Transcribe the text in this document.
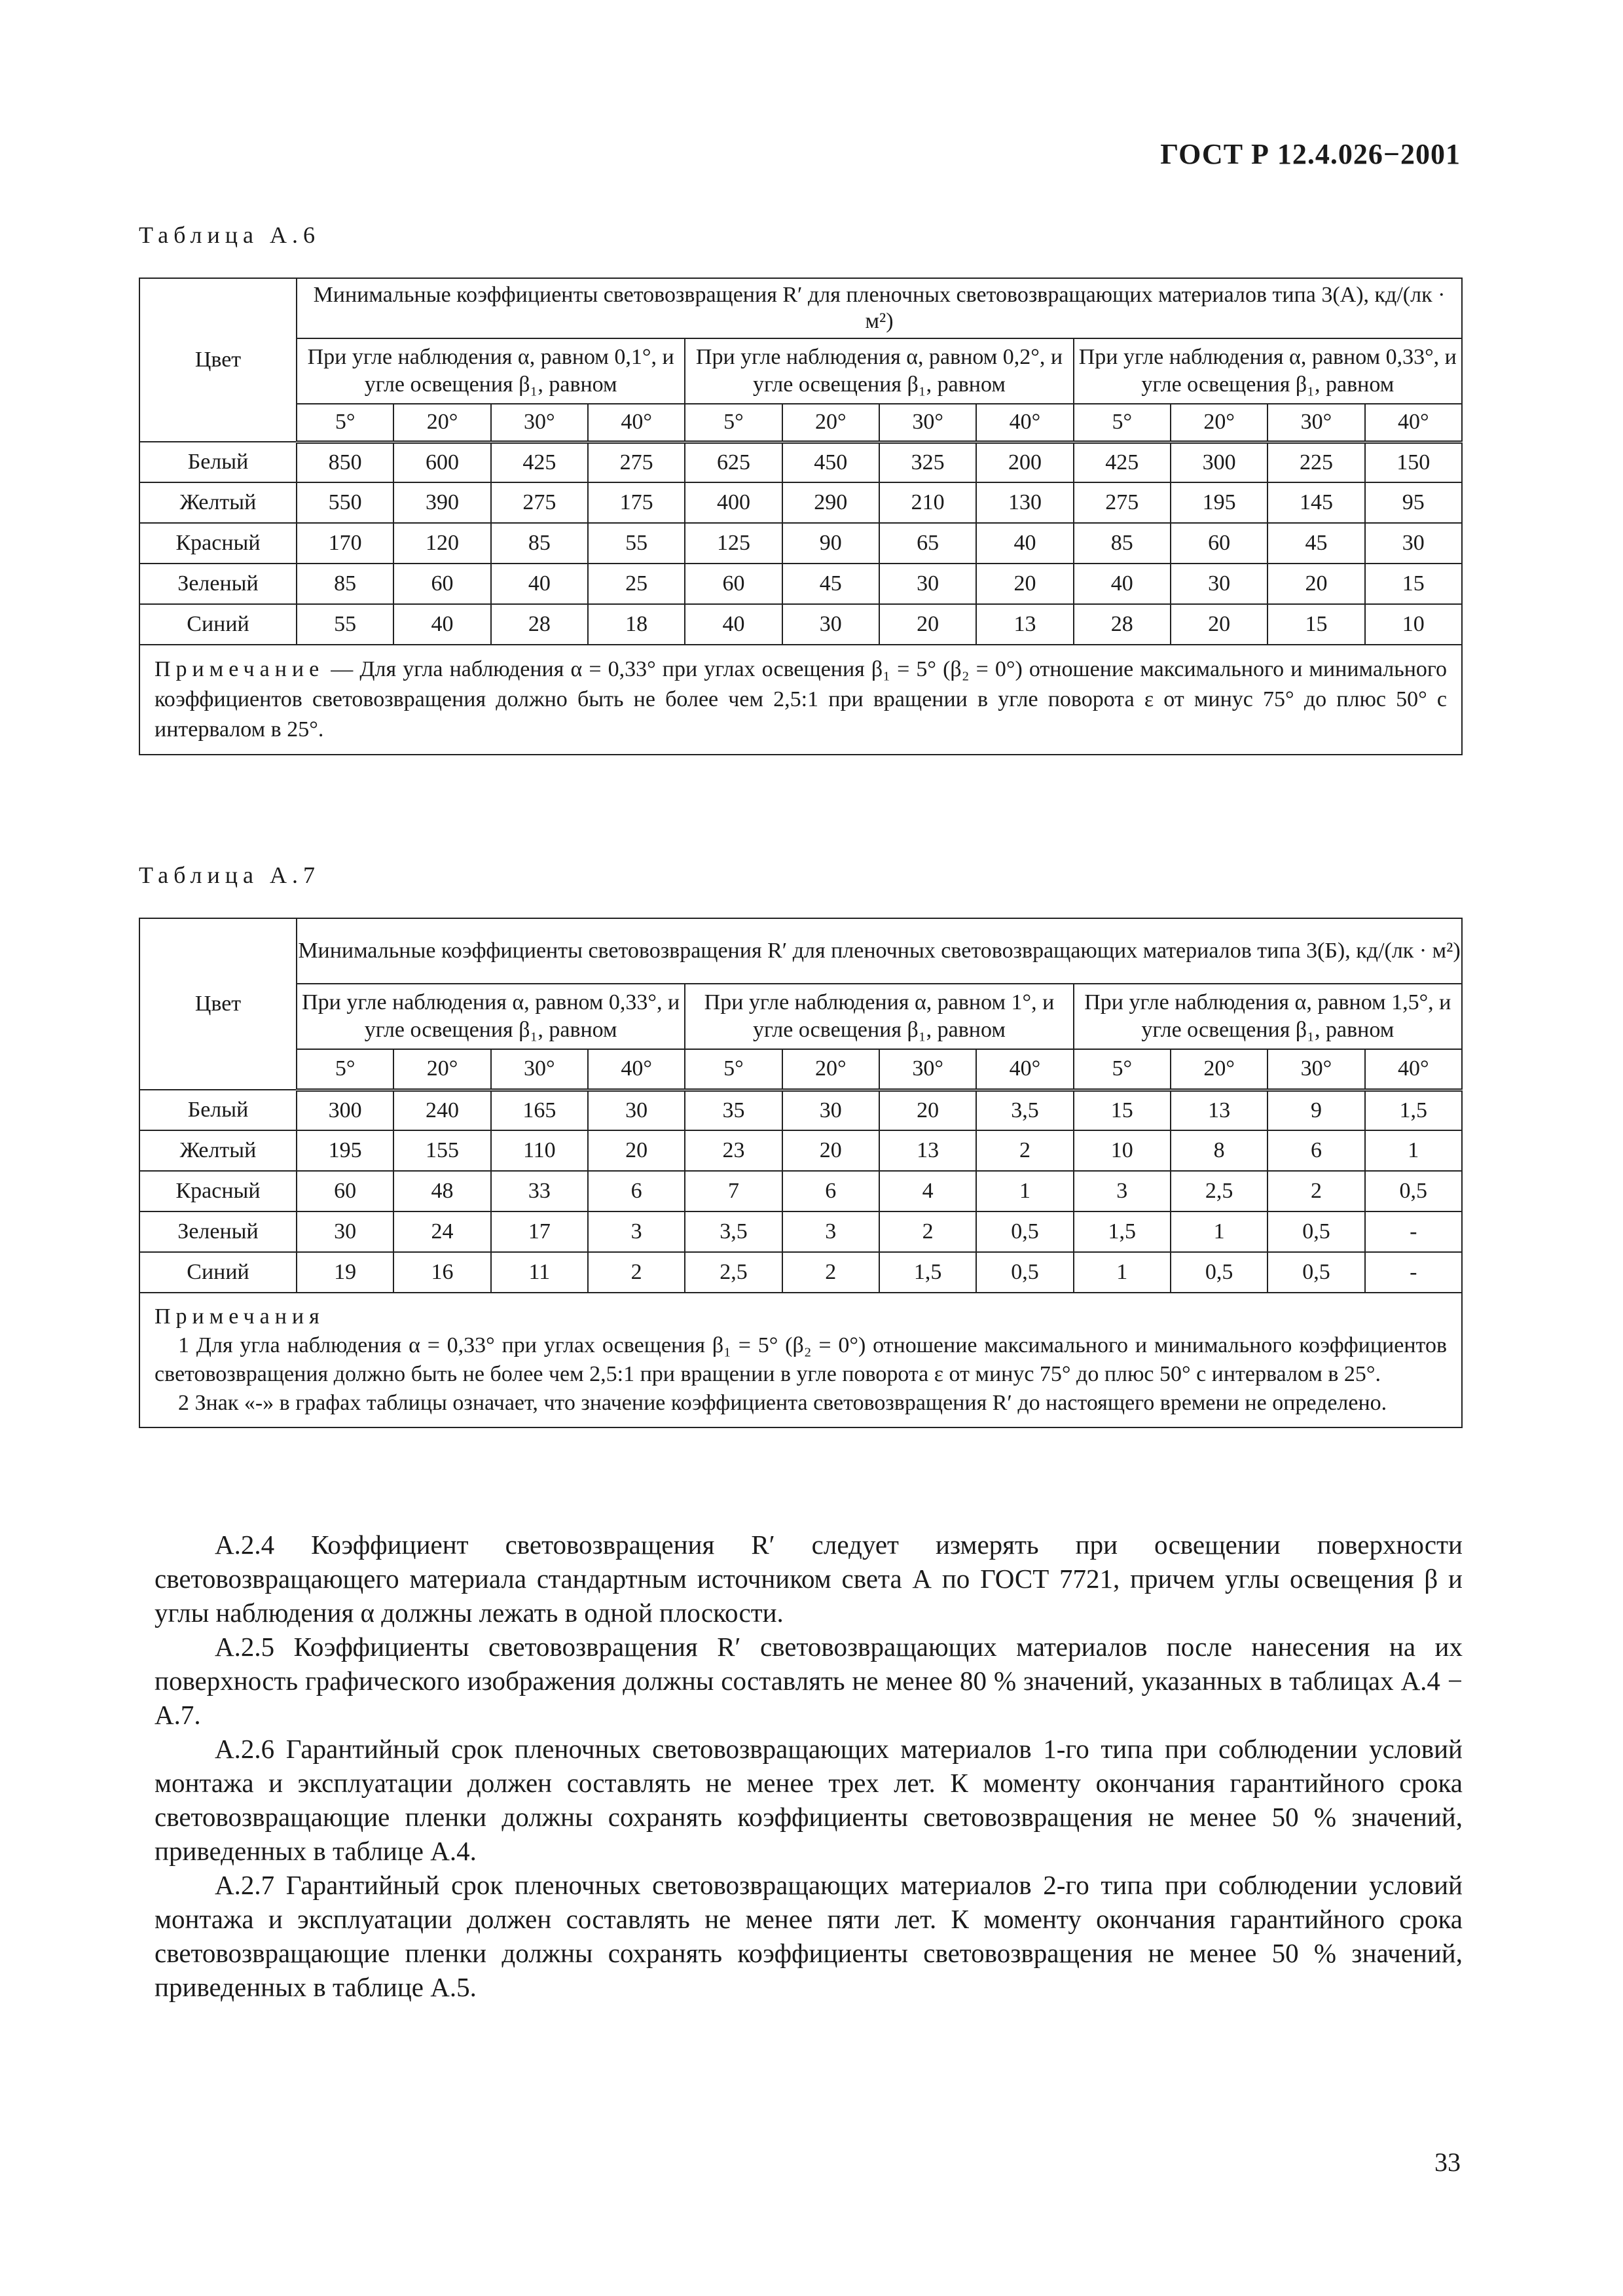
ГОСТ Р 12.4.026−2001
Таблица А.6
Цвет	Минимальные коэффициенты световозвращения R′ для пленочных световозвращающих материалов типа 3(А), кд/(лк · м²)											
	При угле наблюдения α, равном 0,1°, и угле освещения β₁, равном				При угле наблюдения α, равном 0,2°, и угле освещения β₁, равном				При угле наблюдения α, равном 0,33°, и угле освещения β₁, равном			
	5°	20°	30°	40°	5°	20°	30°	40°	5°	20°	30°	40°
Белый	850	600	425	275	625	450	325	200	425	300	225	150
Желтый	550	390	275	175	400	290	210	130	275	195	145	95
Красный	170	120	85	55	125	90	65	40	85	60	45	30
Зеленый	85	60	40	25	60	45	30	20	40	30	20	15
Синий	55	40	28	18	40	30	20	13	28	20	15	10
Примечание — Для угла наблюдения α = 0,33° при углах освещения β₁ = 5° (β₂ = 0°) отношение максимального и минимального коэффициентов световозвращения должно быть не более чем 2,5:1 при вращении в угле поворота ε от минус 75° до плюс 50° с интервалом в 25°.												
Таблица А.7
Цвет	Минимальные коэффициенты световозвращения R′ для пленочных световозвращающих материалов типа 3(Б), кд/(лк · м²)											
	При угле наблюдения α, равном 0,33°, и угле освещения β₁, равном				При угле наблюдения α, равном 1°, и угле освещения β₁, равном				При угле наблюдения α, равном 1,5°, и угле освещения β₁, равном			
	5°	20°	30°	40°	5°	20°	30°	40°	5°	20°	30°	40°
Белый	300	240	165	30	35	30	20	3,5	15	13	9	1,5
Желтый	195	155	110	20	23	20	13	2	10	8	6	1
Красный	60	48	33	6	7	6	4	1	3	2,5	2	0,5
Зеленый	30	24	17	3	3,5	3	2	0,5	1,5	1	0,5	-
Синий	19	16	11	2	2,5	2	1,5	0,5	1	0,5	0,5	-

Примечания
1 Для угла наблюдения α = 0,33° при углах освещения β₁ = 5° (β₂ = 0°) отношение максимального и минимального коэффициентов световозвращения должно быть не более чем 2,5:1 при вращении в угле поворота ε от минус 75° до плюс 50° с интервалом в 25°.
2 Знак «-» в графах таблицы означает, что значение коэффициента световозвращения R′ до настоящего времени не определено.												

А.2.4 Коэффициент световозвращения R′ следует измерять при освещении поверхности световозвращающего материала стандартным источником света А по ГОСТ 7721, причем углы освещения β и углы наблюдения α должны лежать в одной плоскости.

А.2.5 Коэффициенты световозвращения R′ световозвращающих материалов после нанесения на их поверхность графического изображения должны составлять не менее 80 % значений, указанных в таблицах А.4 − А.7.

А.2.6 Гарантийный срок пленочных световозвращающих материалов 1-го типа при соблюдении условий монтажа и эксплуатации должен составлять не менее трех лет. К моменту окончания гарантийного срока световозвращающие пленки должны сохранять коэффициенты световозвращения не менее 50 % значений, приведенных в таблице А.4.

А.2.7 Гарантийный срок пленочных световозвращающих материалов 2-го типа при соблюдении условий монтажа и эксплуатации должен составлять не менее пяти лет. К моменту окончания гарантийного срока световозвращающие пленки должны сохранять коэффициенты световозвращения не менее 50 % значений, приведенных в таблице А.5.

33
